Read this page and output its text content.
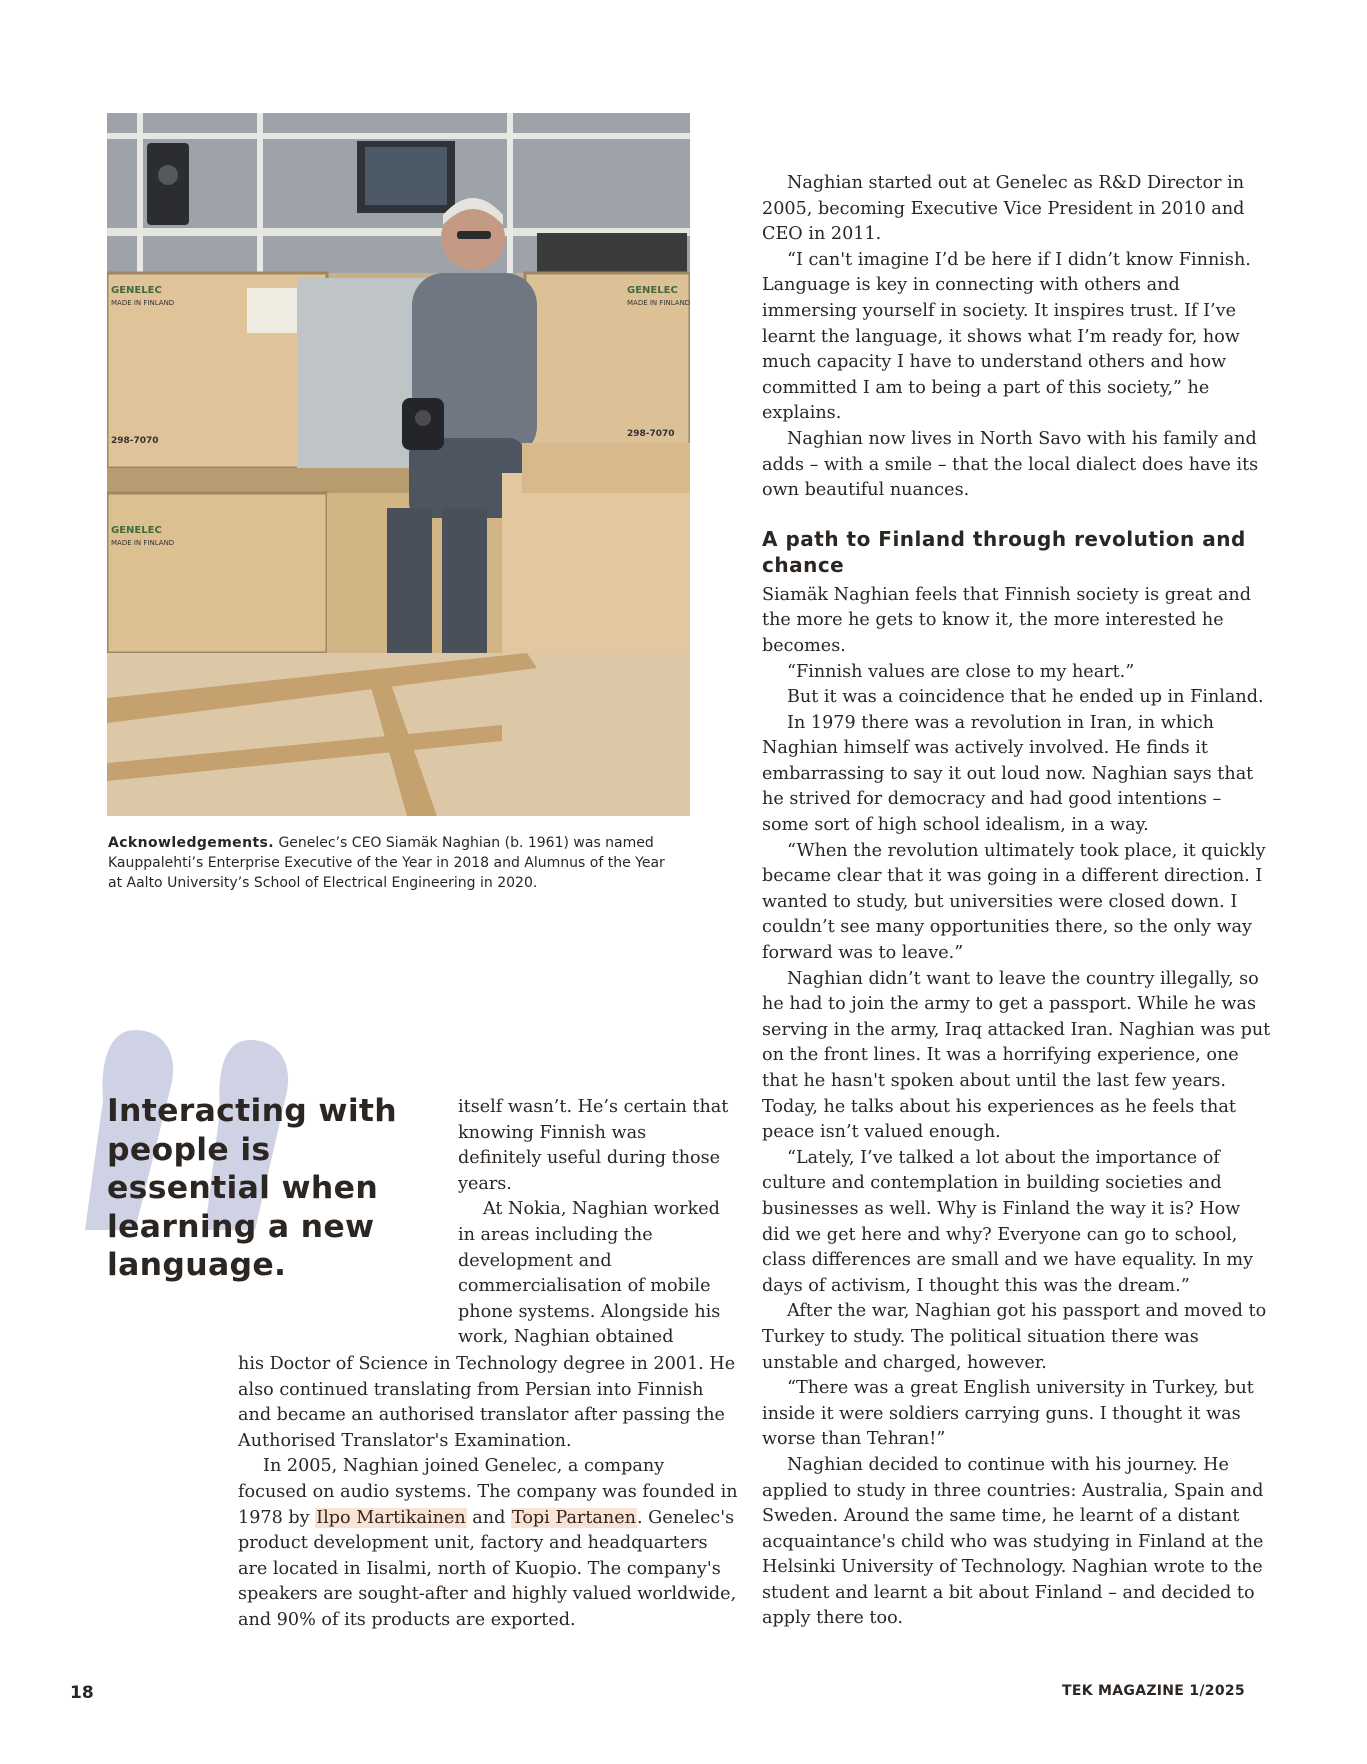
GENELEC
MADE IN FINLAND
298-7070
GENELEC
MADE IN FINLAND
298-7070
GENELEC
MADE IN FINLAND
Acknowledgements. Genelec’s CEO Siamäk Naghian (b. 1961) was named Kauppalehti’s Enterprise Executive of the Year in 2018 and Alumnus of the Year at Aalto University’s School of Electrical Engineering in 2020.
Interacting with people is essential when learning a new language.

itself wasn’t. He’s certain that knowing Finnish was definitely useful during those years.

At Nokia, Naghian worked in areas including the development and commercialisation of mobile phone systems. Alongside his work, Naghian obtained

his Doctor of Science in Technology degree in 2001. He also continued translating from Persian into Finnish and became an authorised translator after passing the Authorised Translator's Examination.

In 2005, Naghian joined Genelec, a company focused on audio systems. The company was founded in 1978 by Ilpo Martikainen and Topi Partanen. Genelec's product development unit, factory and headquarters are located in Iisalmi, north of Kuopio. The company's speakers are sought-after and highly valued worldwide, and 90% of its products are exported.

Naghian started out at Genelec as R&D Director in 2005, becoming Executive Vice President in 2010 and CEO in 2011.

“I can't imagine I’d be here if I didn’t know Finnish. Language is key in connecting with others and immersing yourself in society. It inspires trust. If I’ve learnt the language, it shows what I’m ready for, how much capacity I have to understand others and how committed I am to being a part of this society,” he explains.

Naghian now lives in North Savo with his family and adds – with a smile – that the local dialect does have its own beautiful nuances.

A path to Finland through revolution and chance

Siamäk Naghian feels that Finnish society is great and the more he gets to know it, the more interested he becomes.

“Finnish values are close to my heart.”

But it was a coincidence that he ended up in Finland.

In 1979 there was a revolution in Iran, in which Naghian himself was actively involved. He finds it embarrassing to say it out loud now. Naghian says that he strived for democracy and had good intentions – some sort of high school idealism, in a way.

“When the revolution ultimately took place, it quickly became clear that it was going in a different direction. I wanted to study, but universities were closed down. I couldn’t see many opportunities there, so the only way forward was to leave.”

Naghian didn’t want to leave the country illegally, so he had to join the army to get a passport. While he was serving in the army, Iraq attacked Iran. Naghian was put on the front lines. It was a horrifying experience, one that he hasn't spoken about until the last few years. Today, he talks about his experiences as he feels that peace isn’t valued enough.

“Lately, I’ve talked a lot about the importance of culture and contemplation in building societies and businesses as well. Why is Finland the way it is? How did we get here and why? Everyone can go to school, class differences are small and we have equality. In my days of activism, I thought this was the dream.”

After the war, Naghian got his passport and moved to Turkey to study. The political situation there was unstable and charged, however.

“There was a great English university in Turkey, but inside it were soldiers carrying guns. I thought it was worse than Tehran!”

Naghian decided to continue with his journey. He applied to study in three countries: Australia, Spain and Sweden. Around the same time, he learnt of a distant acquaintance's child who was studying in Finland at the Helsinki University of Technology. Naghian wrote to the student and learnt a bit about Finland – and decided to apply there too.

18	TEK MAGAZINE 1/2025
